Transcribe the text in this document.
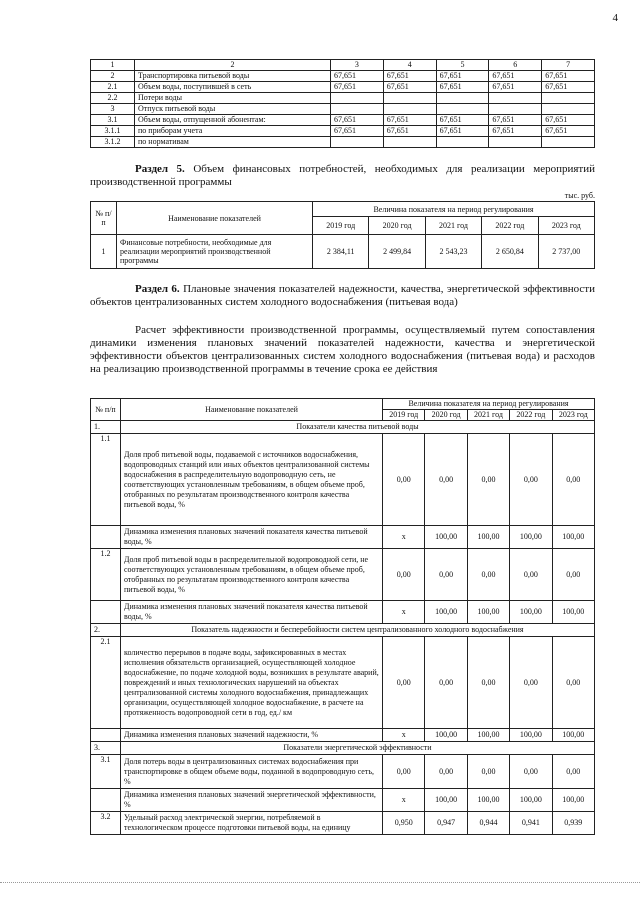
4
1	2	3	4	5	6	7
2	Транспортировка питьевой воды	67,651	67,651	67,651	67,651	67,651
2.1	Объем воды, поступившей в сеть	67,651	67,651	67,651	67,651	67,651
2.2	Потери воды					
3	Отпуск питьевой воды					
3.1	Объем воды, отпущенной абонентам:	67,651	67,651	67,651	67,651	67,651
3.1.1	по приборам учета	67,651	67,651	67,651	67,651	67,651
3.1.2	по нормативам					
Раздел 5. Объем финансовых потребностей, необходимых для реализации мероприятий производственной программы
тыс. руб.
№ п/ п	Наименование показателей	Величина показателя на период регулирования				
		2019 год	2020 год	2021 год	2022 год	2023 год
1	Финансовые потребности, необходимые для реализации мероприятий производственной программы	2 384,11	2 499,84	2 543,23	2 650,84	2 737,00
Раздел 6. Плановые значения показателей надежности, качества, энергетической эффективности объектов централизованных систем холодного водоснабжения (питьевая вода)
Расчет эффективности производственной программы, осуществляемый путем сопоставления динамики изменения плановых значений показателей надежности, качества и энергетической эффективности объектов централизованных систем холодного водоснабжения (питьевая вода) и расходов на реализацию производственной программы в течение срока ее действия
№ п/п	Наименование показателей	Величина показателя на период регулирования				
		2019 год	2020 год	2021 год	2022 год	2023 год
1.	Показатели качества питьевой воды					
1.1	Доля проб питьевой воды, подаваемой с источников водоснабжения, водопроводных станций или иных объектов централизованной системы водоснабжения в распределительную водопроводную сеть, не соответствующих установленным требованиям, в общем объеме проб, отобранных по результатам производственного контроля качества питьевой воды, %	0,00	0,00	0,00	0,00	0,00
	Динамика изменения плановых значений показателя качества питьевой воды, %	х	100,00	100,00	100,00	100,00
1.2	Доля проб питьевой воды в распределительной водопроводной сети, не соответствующих установленным требованиям, в общем объеме проб, отобранных по результатам производственного контроля качества питьевой воды, %	0,00	0,00	0,00	0,00	0,00
	Динамика изменения плановых значений показателя качества питьевой воды, %	х	100,00	100,00	100,00	100,00
2.	Показатель надежности и бесперебойности систем централизованного холодного водоснабжения					
2.1	количество перерывов в подаче воды, зафиксированных в местах исполнения обязательств организацией, осуществляющей холодное водоснабжение, по подаче холодной воды, возникших в результате аварий, повреждений и иных технологических нарушений на объектах централизованной системы холодного водоснабжения, принадлежащих организации, осуществляющей холодное водоснабжение, в расчете на протяженность водопроводной сети в год, ед./ км	0,00	0,00	0,00	0,00	0,00
	Динамика изменения плановых значений надежности, %	х	100,00	100,00	100,00	100,00
3.	Показатели энергетической эффективности					
3.1	Доля потерь воды в централизованных системах водоснабжения при транспортировке в общем объеме воды, поданной в водопроводную сеть, %	0,00	0,00	0,00	0,00	0,00
	Динамика изменения плановых значений энергетической эффективности, %	х	100,00	100,00	100,00	100,00
3.2	Удельный расход электрической энергии, потребляемой в технологическом процессе подготовки питьевой воды, на единицу	0,950	0,947	0,944	0,941	0,939
